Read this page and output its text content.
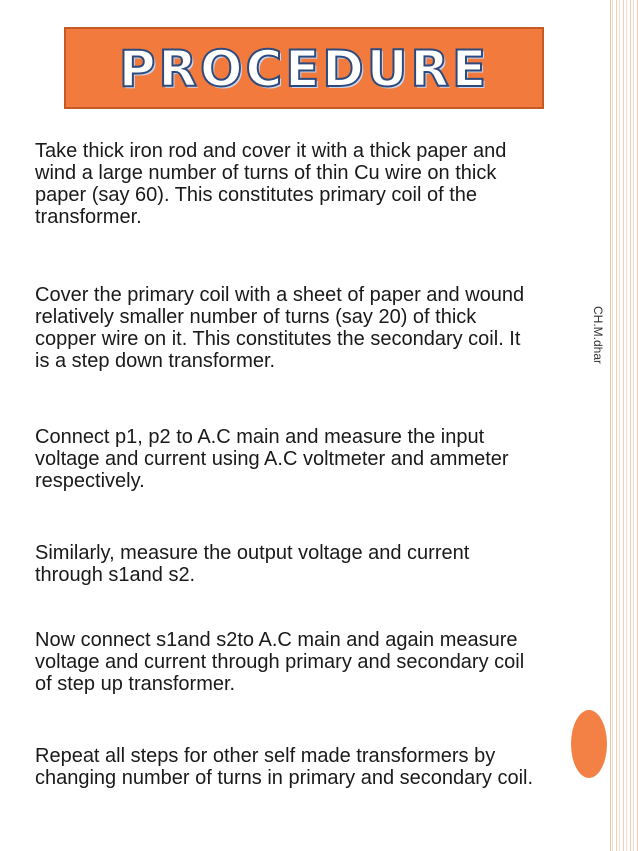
PROCEDURE

Take thick iron rod and cover it with a thick paper and
wind a large number of turns of thin Cu wire on thick
paper (say 60). This constitutes primary coil of the
transformer.

Cover the primary coil with a sheet of paper and wound
relatively smaller number of turns (say 20) of thick
copper wire on it. This constitutes the secondary coil. It
is a step down transformer.

Connect p1, p2 to A.C main and measure the input
voltage and current using A.C voltmeter and ammeter
respectively.

Similarly, measure the output voltage and current
through s1and s2.

Now connect s1and s2to A.C main and again measure
voltage and current through primary and secondary coil
of step up transformer.

Repeat all steps for other self made transformers by
changing number of turns in primary and secondary coil.

CH.M.dhar
